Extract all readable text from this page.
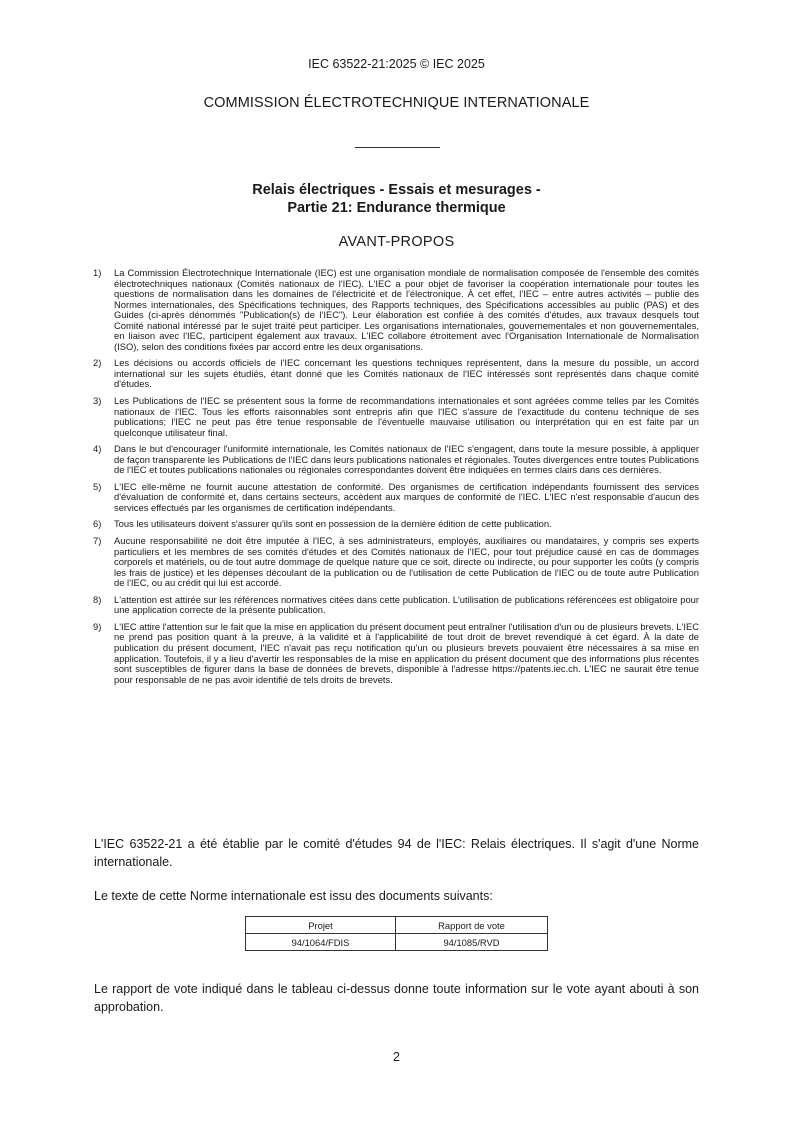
IEC 63522-21:2025 © IEC 2025
COMMISSION ÉLECTROTECHNIQUE INTERNATIONALE
Relais électriques - Essais et mesurages -
Partie 21: Endurance thermique
AVANT-PROPOS
1) La Commission Électrotechnique Internationale (IEC) est une organisation mondiale de normalisation composée de l'ensemble des comités électrotechniques nationaux (Comités nationaux de l'IEC). L'IEC a pour objet de favoriser la coopération internationale pour toutes les questions de normalisation dans les domaines de l'électricité et de l'électronique. À cet effet, l'IEC – entre autres activités – publie des Normes internationales, des Spécifications techniques, des Rapports techniques, des Spécifications accessibles au public (PAS) et des Guides (ci-après dénommés "Publication(s) de l'IEC"). Leur élaboration est confiée à des comités d'études, aux travaux desquels tout Comité national intéressé par le sujet traité peut participer. Les organisations internationales, gouvernementales et non gouvernementales, en liaison avec l'IEC, participent également aux travaux. L'IEC collabore étroitement avec l'Organisation Internationale de Normalisation (ISO), selon des conditions fixées par accord entre les deux organisations.
2) Les décisions ou accords officiels de l'IEC concernant les questions techniques représentent, dans la mesure du possible, un accord international sur les sujets étudiés, étant donné que les Comités nationaux de l'IEC intéressés sont représentés dans chaque comité d'études.
3) Les Publications de l'IEC se présentent sous la forme de recommandations internationales et sont agréées comme telles par les Comités nationaux de l'IEC. Tous les efforts raisonnables sont entrepris afin que l'IEC s'assure de l'exactitude du contenu technique de ses publications; l'IEC ne peut pas être tenue responsable de l'éventuelle mauvaise utilisation ou interprétation qui en est faite par un quelconque utilisateur final.
4) Dans le but d'encourager l'uniformité internationale, les Comités nationaux de l'IEC s'engagent, dans toute la mesure possible, à appliquer de façon transparente les Publications de l'IEC dans leurs publications nationales et régionales. Toutes divergences entre toutes Publications de l'IEC et toutes publications nationales ou régionales correspondantes doivent être indiquées en termes clairs dans ces dernières.
5) L'IEC elle-même ne fournit aucune attestation de conformité. Des organismes de certification indépendants fournissent des services d'évaluation de conformité et, dans certains secteurs, accèdent aux marques de conformité de l'IEC. L'IEC n'est responsable d'aucun des services effectués par les organismes de certification indépendants.
6) Tous les utilisateurs doivent s'assurer qu'ils sont en possession de la dernière édition de cette publication.
7) Aucune responsabilité ne doit être imputée à l'IEC, à ses administrateurs, employés, auxiliaires ou mandataires, y compris ses experts particuliers et les membres de ses comités d'études et des Comités nationaux de l'IEC, pour tout préjudice causé en cas de dommages corporels et matériels, ou de tout autre dommage de quelque nature que ce soit, directe ou indirecte, ou pour supporter les coûts (y compris les frais de justice) et les dépenses découlant de la publication ou de l'utilisation de cette Publication de l'IEC ou de toute autre Publication de l'IEC, ou au crédit qui lui est accordé.
8) L'attention est attirée sur les références normatives citées dans cette publication. L'utilisation de publications référencées est obligatoire pour une application correcte de la présente publication.
9) L'IEC attire l'attention sur le fait que la mise en application du présent document peut entraîner l'utilisation d'un ou de plusieurs brevets. L'IEC ne prend pas position quant à la preuve, à la validité et à l'applicabilité de tout droit de brevet revendiqué à cet égard. À la date de publication du présent document, l'IEC n'avait pas reçu notification qu'un ou plusieurs brevets pouvaient être nécessaires à sa mise en application. Toutefois, il y a lieu d'avertir les responsables de la mise en application du présent document que des informations plus récentes sont susceptibles de figurer dans la base de données de brevets, disponible à l'adresse https://patents.iec.ch. L'IEC ne saurait être tenue pour responsable de ne pas avoir identifié de tels droits de brevets.
L'IEC 63522-21 a été établie par le comité d'études 94 de l'IEC: Relais électriques. Il s'agit d'une Norme internationale.
Le texte de cette Norme internationale est issu des documents suivants:
Projet	Rapport de vote
94/1064/FDIS	94/1085/RVD
Le rapport de vote indiqué dans le tableau ci-dessus donne toute information sur le vote ayant abouti à son approbation.
2
